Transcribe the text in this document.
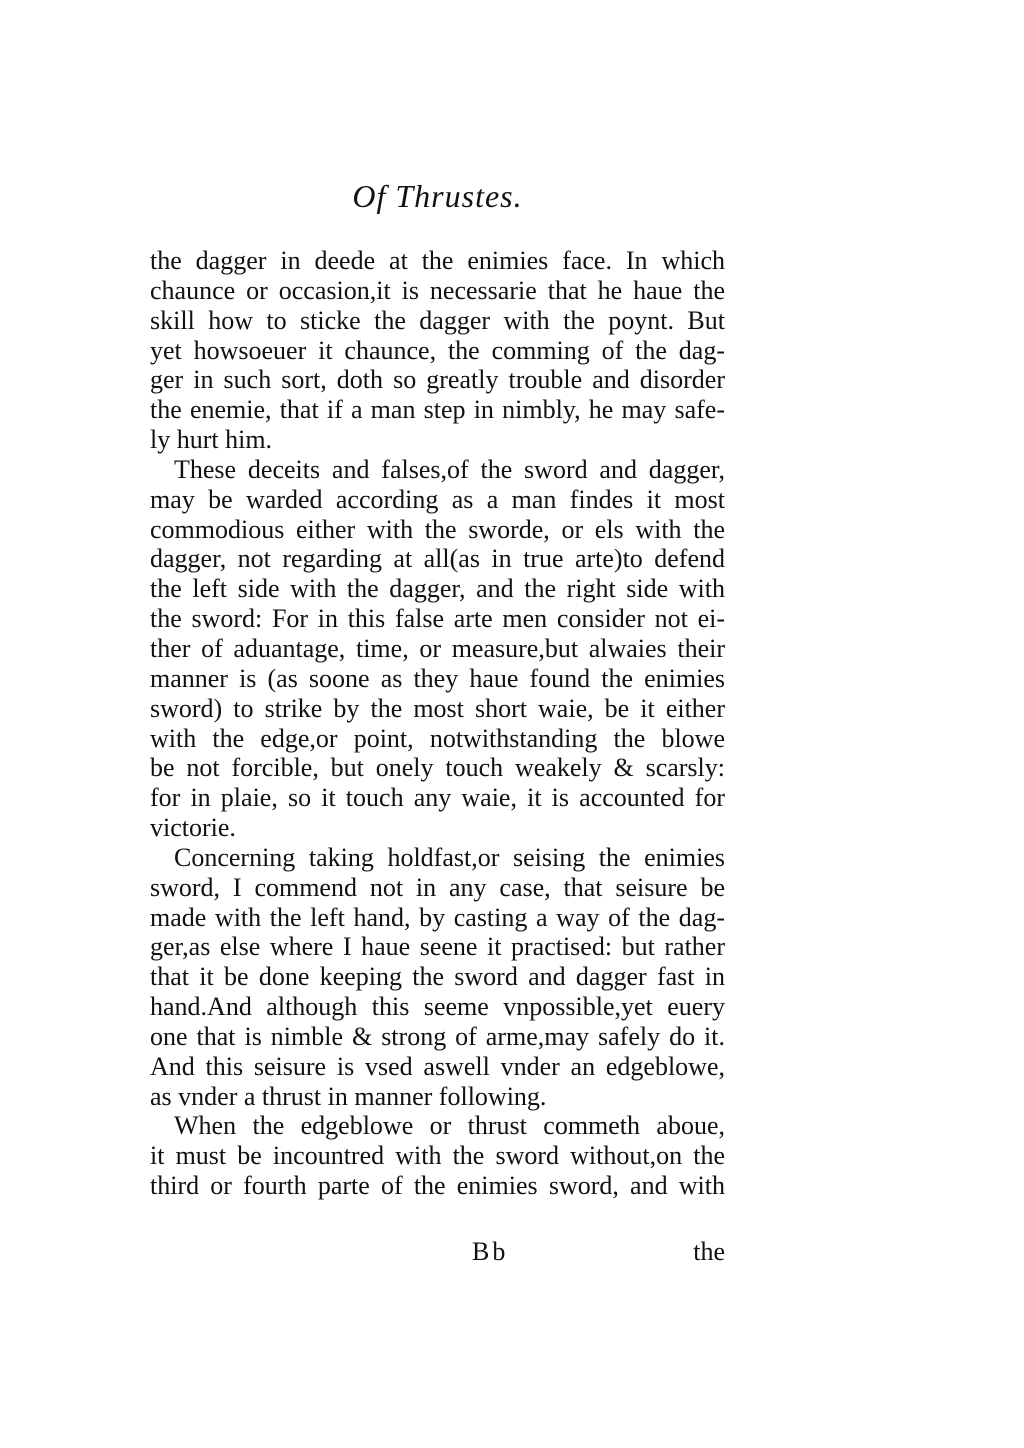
Of Thrustes.
the dagger in deede at the enimies face. In which
chaunce or occasion,it is necessarie that he haue the
skill how to sticke the dagger with the poynt. But
yet howsoeuer it chaunce, the comming of the dag-
ger in such sort, doth so greatly trouble and disorder
the enemie, that if a man step in nimbly, he may safe-
ly hurt him.
These deceits and falses,of the sword and dagger,
may be warded according as a man findes it most
commodious either with the sworde, or els with the
dagger, not regarding at all(as in true arte)to defend
the left side with the dagger, and the right side with
the sword: For in this false arte men consider not ei-
ther of aduantage, time, or measure,but alwaies their
manner is (as soone as they haue found the enimies
sword) to strike by the most short waie, be it either
with the edge,or point, notwithstanding the blowe
be not forcible, but onely touch weakely & scarsly:
for in plaie, so it touch any waie, it is accounted for
victorie.
Concerning taking holdfast,or seising the enimies
sword, I commend not in any case, that seisure be
made with the left hand, by casting a way of the dag-
ger,as else where I haue seene it practised: but rather
that it be done keeping the sword and dagger fast in
hand.And although this seeme vnpossible,yet euery
one that is nimble & strong of arme,may safely do it.
And this seisure is vsed aswell vnder an edgeblowe,
as vnder a thrust in manner following.
When the edgeblowe or thrust commeth aboue,
it must be incountred with the sword without,on the
third or fourth parte of the enimies sword, and with
Bb	the
